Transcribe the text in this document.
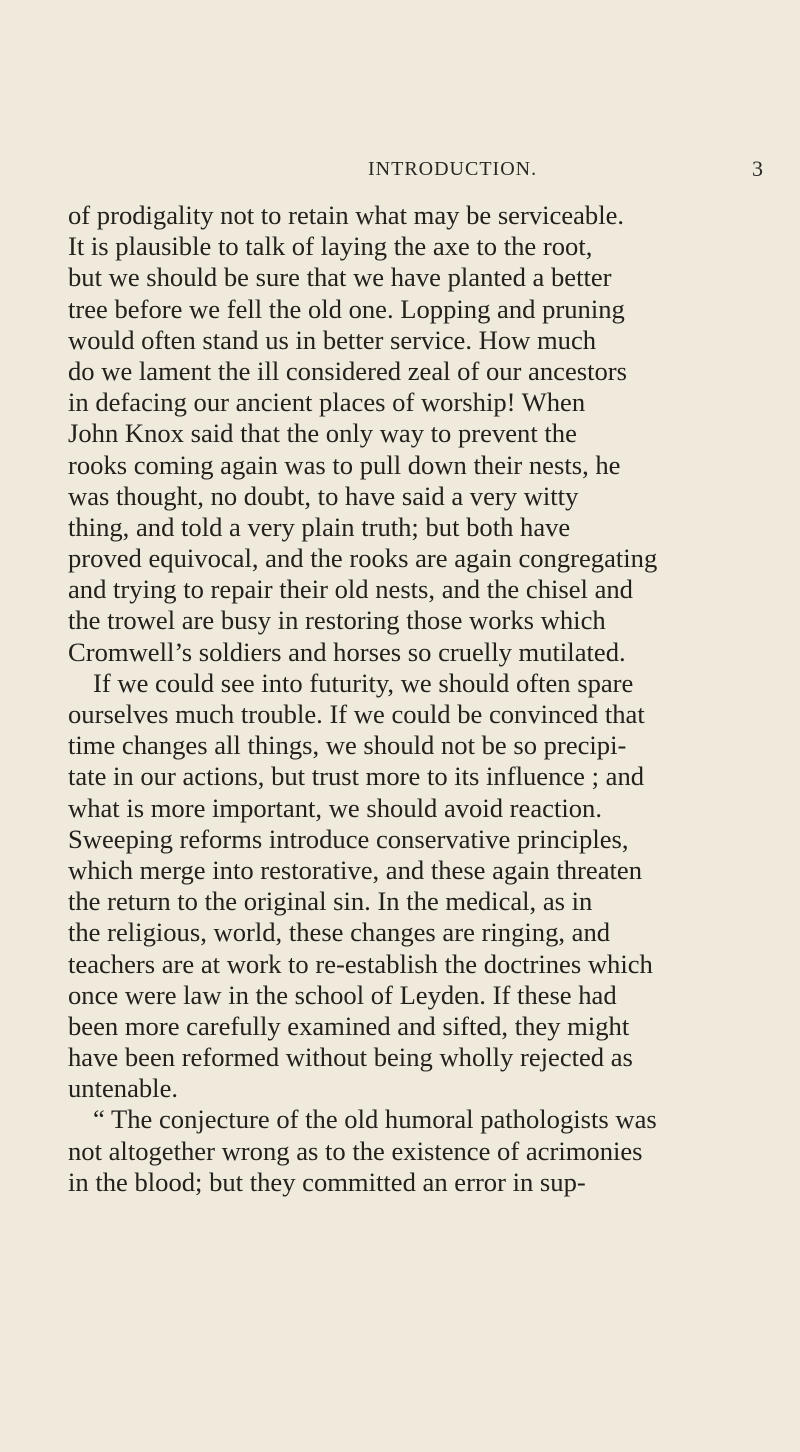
INTRODUCTION.	3
of prodigality not to retain what may be serviceable.
It is plausible to talk of laying the axe to the root,
but we should be sure that we have planted a better
tree before we fell the old one. Lopping and pruning
would often stand us in better service. How much
do we lament the ill considered zeal of our ancestors
in defacing our ancient places of worship! When
John Knox said that the only way to prevent the
rooks coming again was to pull down their nests, he
was thought, no doubt, to have said a very witty
thing, and told a very plain truth; but both have
proved equivocal, and the rooks are again congregating
and trying to repair their old nests, and the chisel and
the trowel are busy in restoring those works which
Cromwell’s soldiers and horses so cruelly mutilated.
If we could see into futurity, we should often spare
ourselves much trouble. If we could be convinced that
time changes all things, we should not be so precipi-
tate in our actions, but trust more to its influence ; and
what is more important, we should avoid reaction.
Sweeping reforms introduce conservative principles,
which merge into restorative, and these again threaten
the return to the original sin. In the medical, as in
the religious, world, these changes are ringing, and
teachers are at work to re-establish the doctrines which
once were law in the school of Leyden. If these had
been more carefully examined and sifted, they might
have been reformed without being wholly rejected as
untenable.
“ The conjecture of the old humoral pathologists was
not altogether wrong as to the existence of acrimonies
in the blood; but they committed an error in sup-
